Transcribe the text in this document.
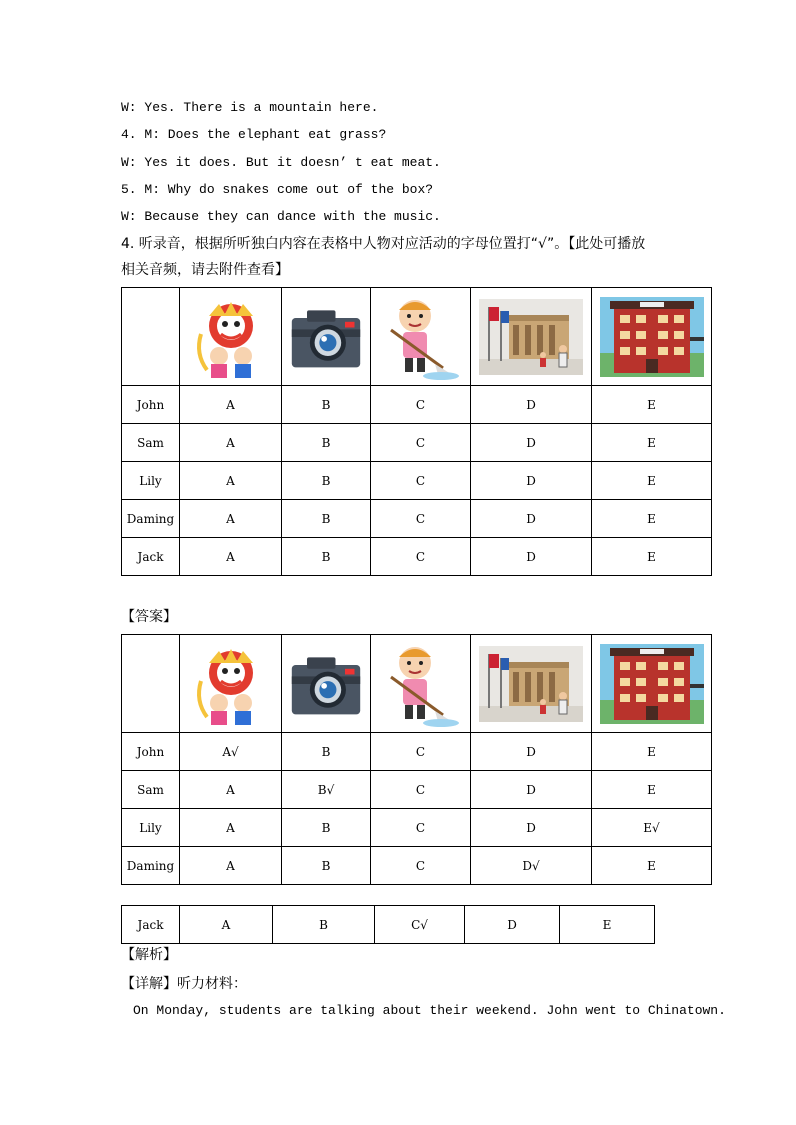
W: Yes. There is a mountain here.
4. M: Does the elephant eat grass?
W: Yes it does. But it doesn’ t eat meat.
5. M: Why do snakes come out of the box?
W: Because they can dance with the music.
4. 听录音，根据所听独白内容在表格中人物对应活动的字母位置打“√”。【此处可播放
相关音频，请去附件查看】

John	A	B	C	D	E
Sam	A	B	C	D	E
Lily	A	B	C	D	E
Daming	A	B	C	D	E
Jack	A	B	C	D	E
【答案】

John	A√	B	C	D	E
Sam	A	B√	C	D	E
Lily	A	B	C	D	E√
Daming	A	B	C	D√	E
Jack	A	B	C√	D	E
【解析】
【详解】听力材料：
On Monday, students are talking about their weekend. John went to Chinatown.
